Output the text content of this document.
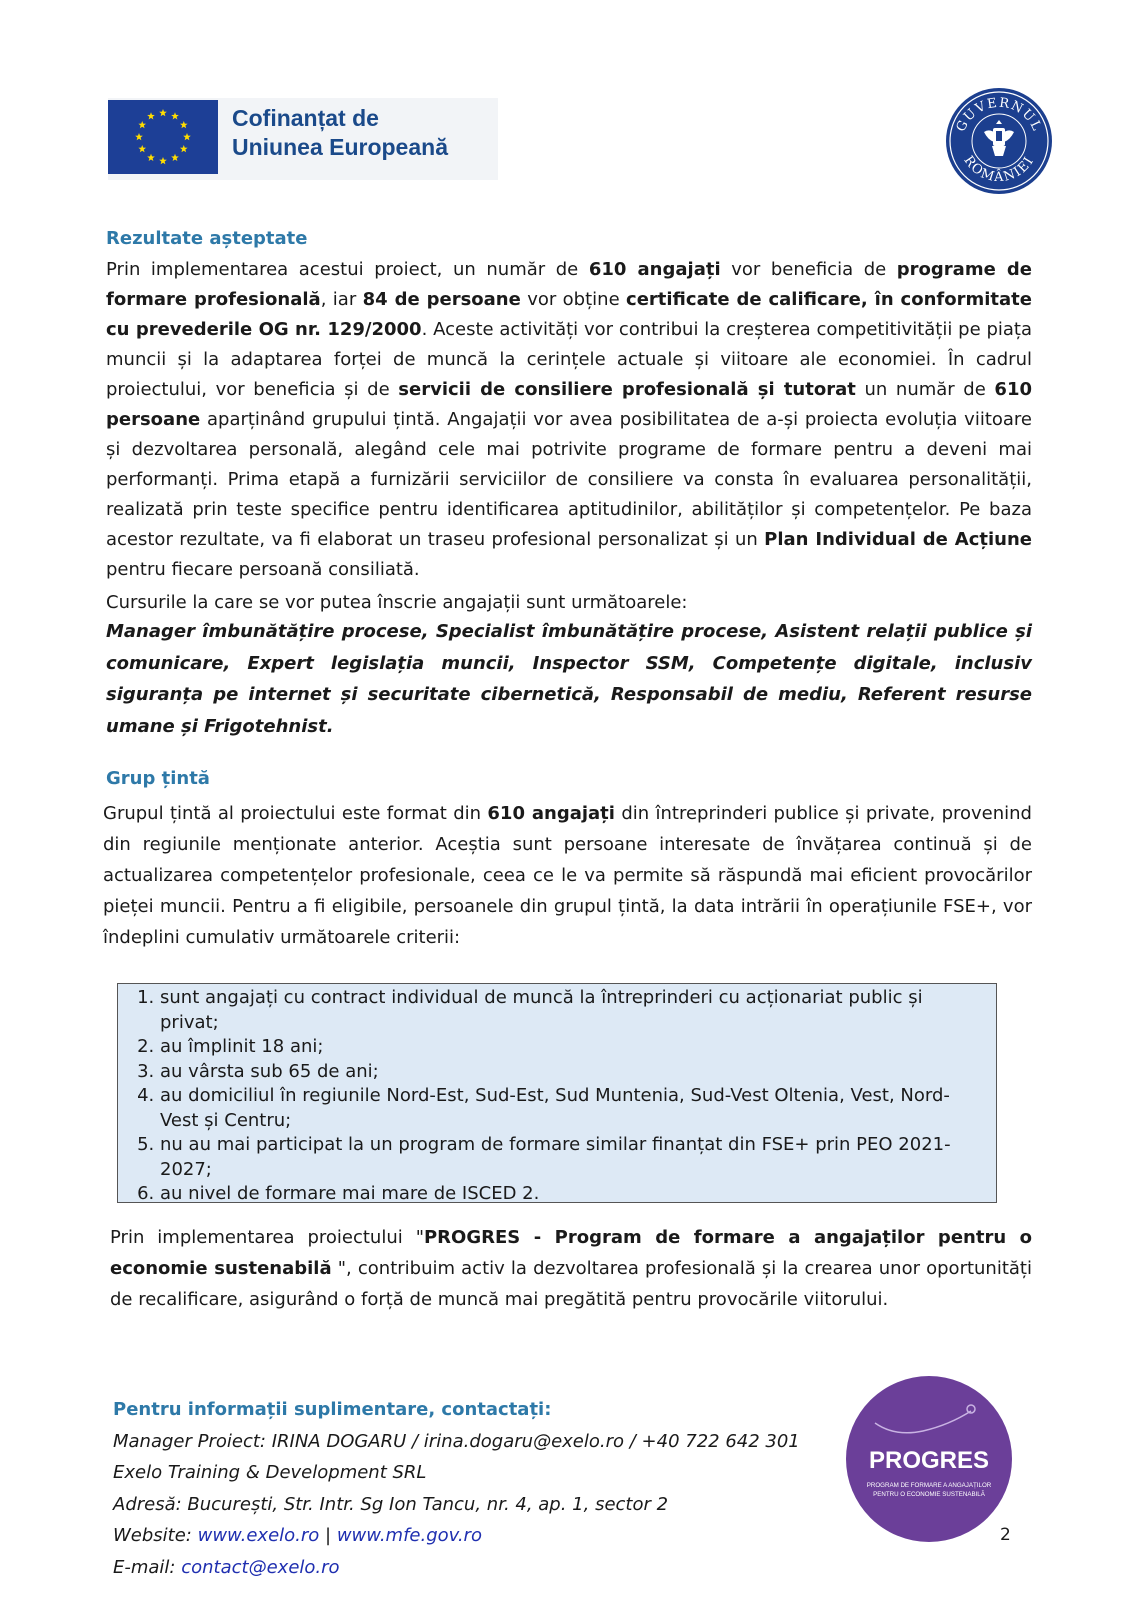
Cofinanțat de
Uniunea Europeană
GUVERNUL
ROMÂNIEI
Rezultate așteptate

Prin implementarea acestui proiect, un număr de 610 angajați vor beneficia de programe de formare profesională, iar 84 de persoane vor obține certificate de calificare, în conformitate cu prevederile OG nr. 129/2000. Aceste activități vor contribui la creșterea competitivității pe piața muncii și la adaptarea forței de muncă la cerințele actuale și viitoare ale economiei. În cadrul proiectului, vor beneficia și de servicii de consiliere profesională și tutorat un număr de 610 persoane aparținând grupului țintă. Angajații vor avea posibilitatea de a-și proiecta evoluția viitoare și dezvoltarea personală, alegând cele mai potrivite programe de formare pentru a deveni mai performanți. Prima etapă a furnizării serviciilor de consiliere va consta în evaluarea personalității, realizată prin teste specifice pentru identificarea aptitudinilor, abilităților și competențelor. Pe baza acestor rezultate, va fi elaborat un traseu profesional personalizat și un Plan Individual de Acțiune pentru fiecare persoană consiliată.

Cursurile la care se vor putea înscrie angajații sunt următoarele:

Manager îmbunătățire procese, Specialist îmbunătățire procese, Asistent relații publice și comunicare, Expert legislația muncii, Inspector SSM, Competențe digitale, inclusiv siguranța pe internet și securitate cibernetică, Responsabil de mediu, Referent resurse umane și Frigotehnist.

Grup țintă

Grupul țintă al proiectului este format din 610 angajați din întreprinderi publice și private, provenind din regiunile menționate anterior. Aceștia sunt persoane interesate de învățarea continuă și de actualizarea competențelor profesionale, ceea ce le va permite să răspundă mai eficient provocărilor pieței muncii. Pentru a fi eligibile, persoanele din grupul țintă, la data intrării în operațiunile FSE+, vor îndeplini cumulativ următoarele criterii:

1. sunt angajați cu contract individual de muncă la întreprinderi cu acționariat public și privat;
2. au împlinit 18 ani;
3. au vârsta sub 65 de ani;
4. au domiciliul în regiunile Nord-Est, Sud-Est, Sud Muntenia, Sud-Vest Oltenia, Vest, Nord-Vest și Centru;
5. nu au mai participat la un program de formare similar finanțat din FSE+ prin PEO 2021-2027;
6. au nivel de formare mai mare de ISCED 2.

Prin implementarea proiectului "PROGRES - Program de formare a angajaților pentru o economie sustenabilă ", contribuim activ la dezvoltarea profesională și la crearea unor oportunități de recalificare, asigurând o forță de muncă mai pregătită pentru provocările viitorului.

Pentru informații suplimentare, contactați:
Manager Proiect: IRINA DOGARU / irina.dogaru@exelo.ro / +40 722 642 301
Exelo Training & Development SRL
Adresă: București, Str. Intr. Sg Ion Tancu, nr. 4, ap. 1, sector 2
Website: www.exelo.ro | www.mfe.gov.ro
E-mail: contact@exelo.ro
PROGRES
PROGRAM DE FORMARE A ANGAJAȚILOR
PENTRU O ECONOMIE SUSTENABILĂ
2
